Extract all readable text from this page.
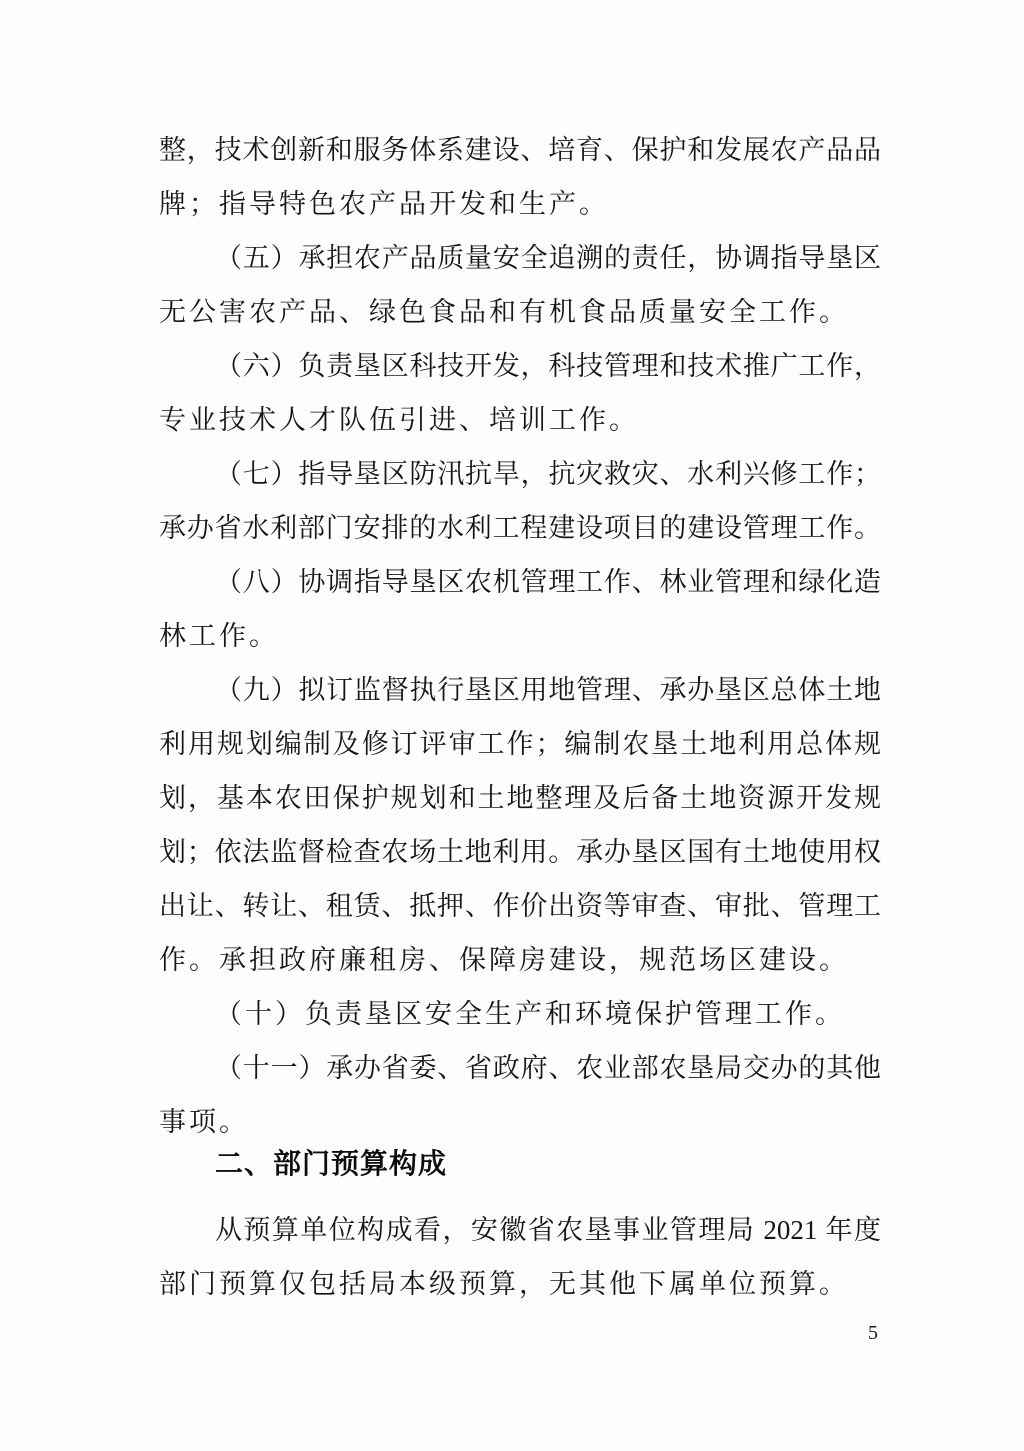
整，技术创新和服务体系建设、培育、保护和发展农产品品
牌；指导特色农产品开发和生产。
（五）承担农产品质量安全追溯的责任，协调指导垦区
无公害农产品、绿色食品和有机食品质量安全工作。
（六）负责垦区科技开发，科技管理和技术推广工作，
专业技术人才队伍引进、培训工作。
（七）指导垦区防汛抗旱，抗灾救灾、水利兴修工作；
承办省水利部门安排的水利工程建设项目的建设管理工作。
（八）协调指导垦区农机管理工作、林业管理和绿化造
林工作。
（九）拟订监督执行垦区用地管理、承办垦区总体土地
利用规划编制及修订评审工作；编制农垦土地利用总体规
划，基本农田保护规划和土地整理及后备土地资源开发规
划；依法监督检查农场土地利用。承办垦区国有土地使用权
出让、转让、租赁、抵押、作价出资等审查、审批、管理工
作。承担政府廉租房、保障房建设，规范场区建设。
（十）负责垦区安全生产和环境保护管理工作。
（十一）承办省委、省政府、农业部农垦局交办的其他
事项。
二、部门预算构成
从预算单位构成看，安徽省农垦事业管理局 2021 年度
部门预算仅包括局本级预算，无其他下属单位预算。
5
